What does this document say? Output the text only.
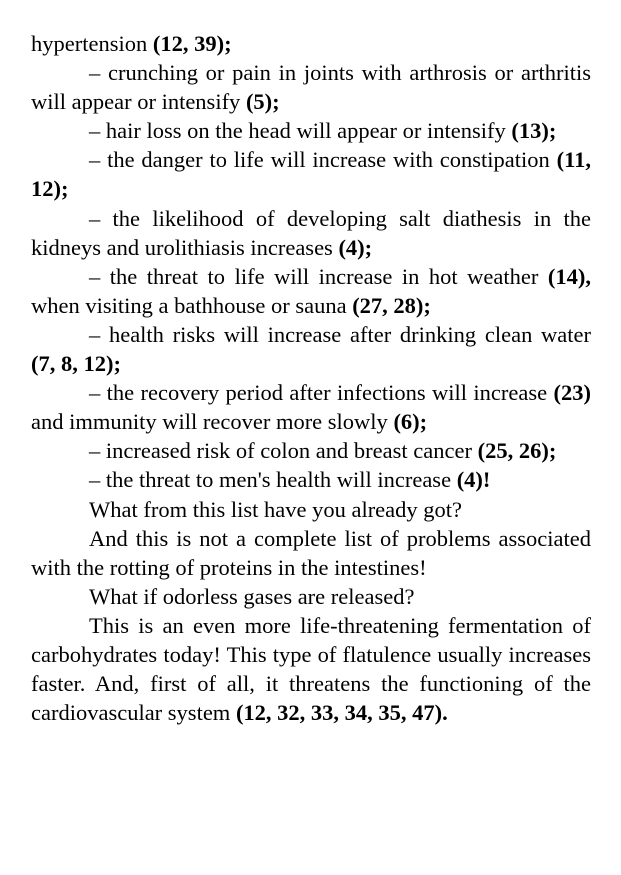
hypertension (12, 39);

– crunching or pain in joints with arthrosis or arthritis will appear or intensify (5);

– hair loss on the head will appear or intensify (13);

– the danger to life will increase with constipation (11, 12);

– the likelihood of developing salt diathesis in the kidneys and urolithiasis increases (4);

– the threat to life will increase in hot weather (14),   when visiting a bathhouse or sauna (27, 28);

– health risks will increase after drinking clean water (7, 8, 12);

– the recovery period after infections will increase (23)  and immunity will recover more slowly (6);

– increased risk of colon and breast cancer (25, 26);

– the threat to men's health will increase (4)!

What from this list have you already got?

And this is not a complete list of problems associated with the rotting of proteins in the intestines!

What if odorless gases are released?

This is an even more life-threatening fermentation of carbohydrates today! This type of flatulence usually increases faster. And, first of all, it threatens the functioning of the cardiovascular system (12, 32, 33, 34, 35, 47).
